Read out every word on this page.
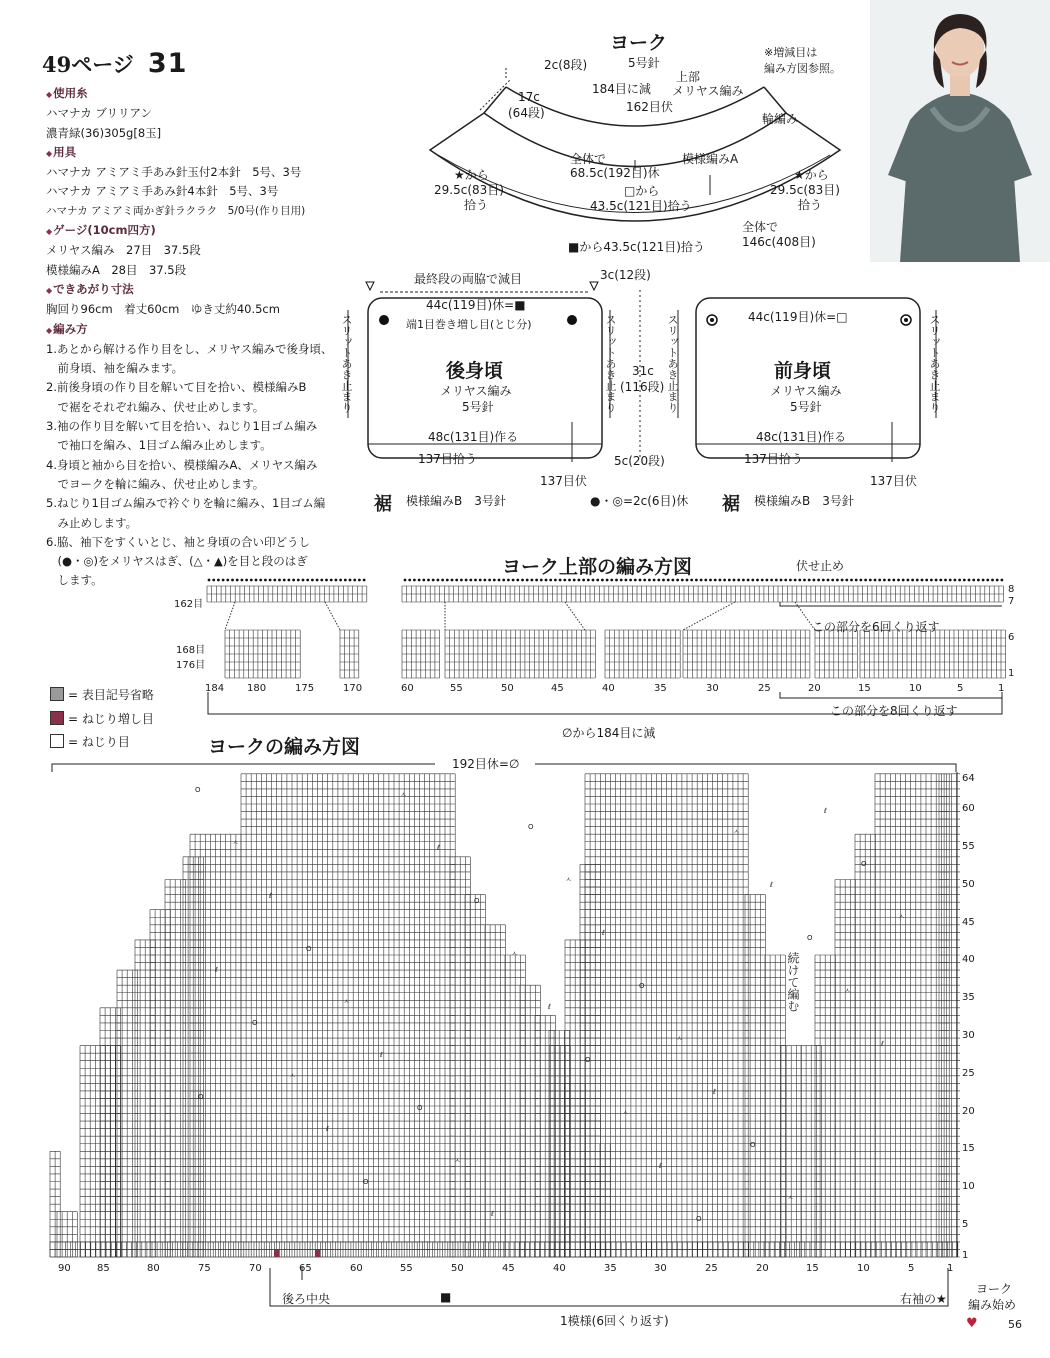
49ページ 31
◆ 使用糸
ハマナカ ブリリアン
濃青緑(36)305g[8玉]
◆ 用具
ハマナカ アミアミ手あみ針玉付2本針　5号、3号
ハマナカ アミアミ手あみ針4本針　5号、3号
ハマナカ アミアミ両かぎ針ラクラク　5/0号(作り目用)
◆ ゲージ(10cm四方)
メリヤス編み　27目　37.5段
模様編みA　28目　37.5段
◆ できあがり寸法
胸回り96cm　着丈60cm　ゆき丈約40.5cm
◆ 編み方
1.あとから解ける作り目をし、メリヤス編みで後身頃、
　前身頃、袖を編みます。
2.前後身頃の作り目を解いて目を拾い、模様編みB
　で裾をそれぞれ編み、伏せ止めします。
3.袖の作り目を解いて目を拾い、ねじり1目ゴム編み
　で袖口を編み、1目ゴム編み止めします。
4.身頃と袖から目を拾い、模様編みA、メリヤス編み
　でヨークを輪に編み、伏せ止めします。
5.ねじり1目ゴム編みで衿ぐりを輪に編み、1目ゴム編
　み止めします。
6.脇、袖下をすくいとじ、袖と身頃の合い印どうし
　(●・◎)をメリヤスはぎ、(△・▲)を目と段のはぎ
　します。
ヨーク
5号針
※増減目は
編み方図参照。
2c(8段)
184目に減
上部
メリヤス編み
17c
(64段)	162目伏
輪編み
全体で
68.5c(192目)休
模様編みA
★から
29.5c(83目)
拾う
★から
29.5c(83目)
拾う
□から
43.5c(121目)拾う
全体で
146c(408目)
■から43.5c(121目)拾う
最終段の両脇で減目
44c(119目)休=■
端1目巻き増し目(とじ分)
後身頃
メリヤス編み
5号針
48c(131目)作る
137目拾う
137目伏
裾 模様編みB　3号針
3c(12段)
31c
(116段)
5c(20段)
●・◎=2c(6目)休
44c(119目)休=□
前身頃
メリヤス編み
5号針
48c(131目)作る
137目拾う
137目伏
裾 模様編みB　3号針
スリットあき止まり	スリットあき止まり	スリットあき止まり	スリットあき止まり
ヨーク上部の編み方図	伏せ止め
162目
168目
176目
この部分を6回くり返す
この部分を8回くり返す
∅から184目に減
184 180	175	170	60	55	50	45	40	35	30	25	20	15	10	5	1
8
7
6
1
= 表目記号省略
= ねじり増し目
= ねじり目	ヨークの編み方図
192目休=∅
O
ㅅ
ℓ
O
ㅅ
ℓ
O
ㅅ
ℓ
O
ㅅ
ℓ
O
ㅅ
ℓ
O
ㅅ
ℓ
O
ㅅ
ℓ
O
ㅅ
ℓ
O
ㅅ
ℓ
O
ㅅ
ℓ
O
ㅅ
ℓ
O
ㅅ
ℓ
O
ㅅ
ℓ
O
続けて編む
90	85	80	75	70	65	60	55	50	45	40	35	30	25	20	15	10	5	1
64
60
55
50
45
40
35
30
25
20
15
10
5
1
後ろ中央	■	右袖の★
ヨーク
編み始め
1模様(6回くり返す)	♥	56
